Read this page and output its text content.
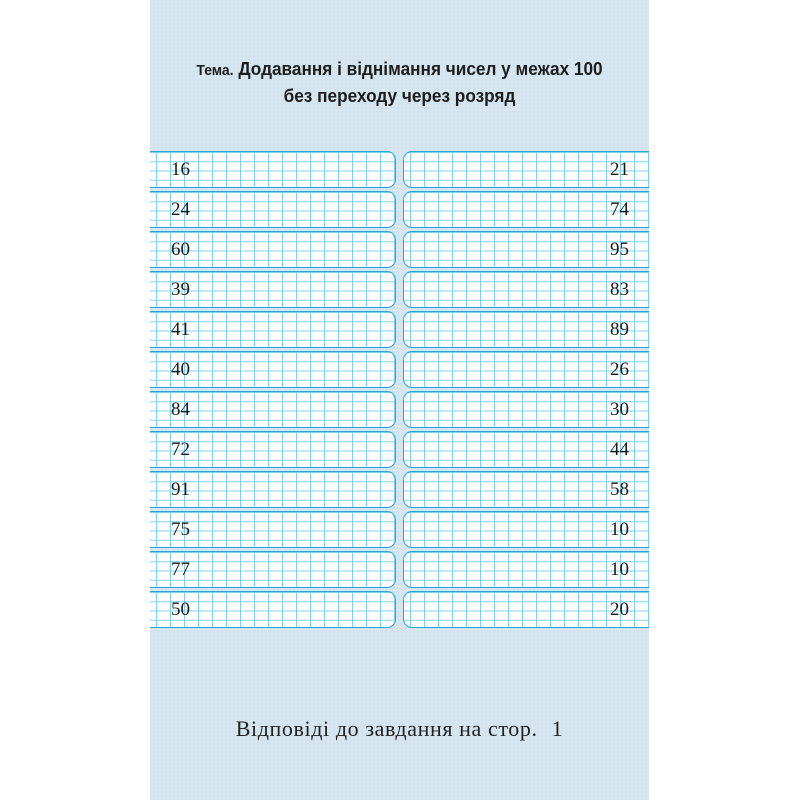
Тема. Додавання і віднімання чисел у межах 100
без переходу через розряд
16	21
24	74
60	95
39	83
41	89
40	26
84	30
72	44
91	58
75	10
77	10
50	20
Відповіді до завдання на стор. 1
